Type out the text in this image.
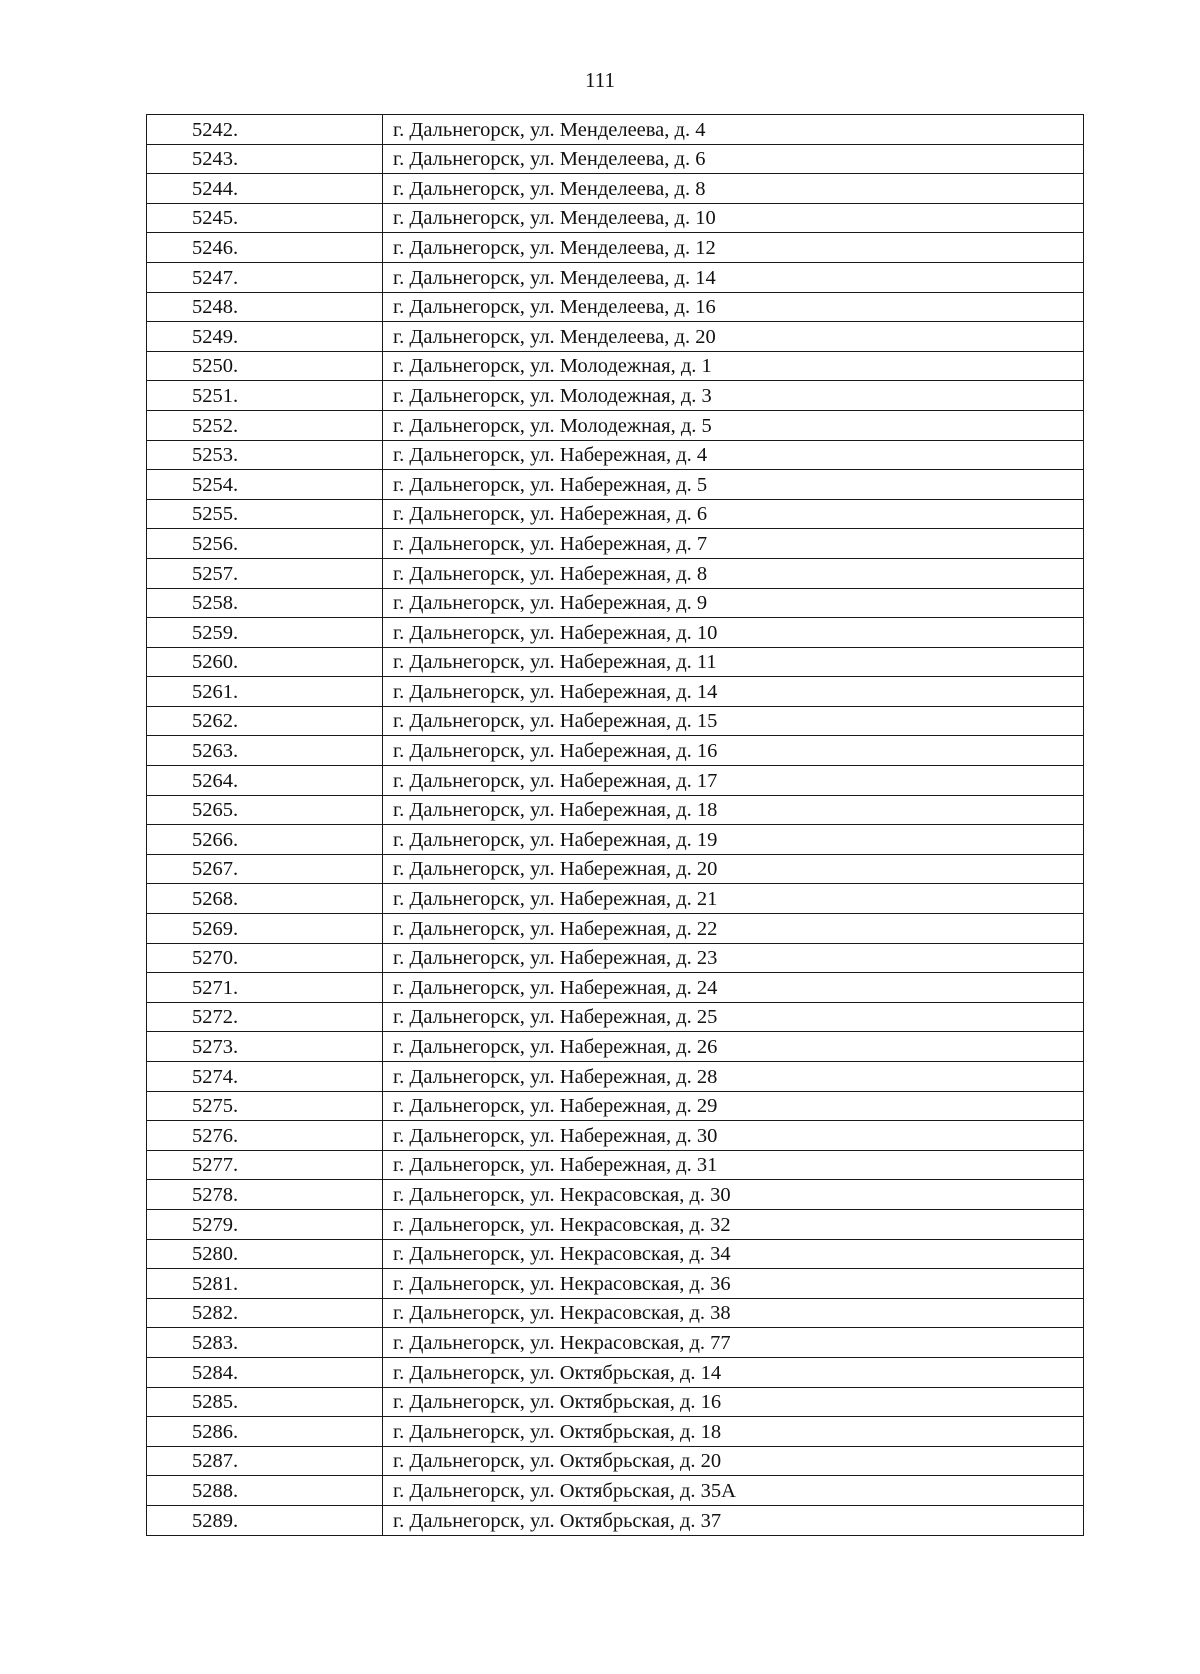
111
5242.	г. Дальнегорск, ул. Менделеева, д. 4
5243.	г. Дальнегорск, ул. Менделеева, д. 6
5244.	г. Дальнегорск, ул. Менделеева, д. 8
5245.	г. Дальнегорск, ул. Менделеева, д. 10
5246.	г. Дальнегорск, ул. Менделеева, д. 12
5247.	г. Дальнегорск, ул. Менделеева, д. 14
5248.	г. Дальнегорск, ул. Менделеева, д. 16
5249.	г. Дальнегорск, ул. Менделеева, д. 20
5250.	г. Дальнегорск, ул. Молодежная, д. 1
5251.	г. Дальнегорск, ул. Молодежная, д. 3
5252.	г. Дальнегорск, ул. Молодежная, д. 5
5253.	г. Дальнегорск, ул. Набережная, д. 4
5254.	г. Дальнегорск, ул. Набережная, д. 5
5255.	г. Дальнегорск, ул. Набережная, д. 6
5256.	г. Дальнегорск, ул. Набережная, д. 7
5257.	г. Дальнегорск, ул. Набережная, д. 8
5258.	г. Дальнегорск, ул. Набережная, д. 9
5259.	г. Дальнегорск, ул. Набережная, д. 10
5260.	г. Дальнегорск, ул. Набережная, д. 11
5261.	г. Дальнегорск, ул. Набережная, д. 14
5262.	г. Дальнегорск, ул. Набережная, д. 15
5263.	г. Дальнегорск, ул. Набережная, д. 16
5264.	г. Дальнегорск, ул. Набережная, д. 17
5265.	г. Дальнегорск, ул. Набережная, д. 18
5266.	г. Дальнегорск, ул. Набережная, д. 19
5267.	г. Дальнегорск, ул. Набережная, д. 20
5268.	г. Дальнегорск, ул. Набережная, д. 21
5269.	г. Дальнегорск, ул. Набережная, д. 22
5270.	г. Дальнегорск, ул. Набережная, д. 23
5271.	г. Дальнегорск, ул. Набережная, д. 24
5272.	г. Дальнегорск, ул. Набережная, д. 25
5273.	г. Дальнегорск, ул. Набережная, д. 26
5274.	г. Дальнегорск, ул. Набережная, д. 28
5275.	г. Дальнегорск, ул. Набережная, д. 29
5276.	г. Дальнегорск, ул. Набережная, д. 30
5277.	г. Дальнегорск, ул. Набережная, д. 31
5278.	г. Дальнегорск, ул. Некрасовская, д. 30
5279.	г. Дальнегорск, ул. Некрасовская, д. 32
5280.	г. Дальнегорск, ул. Некрасовская, д. 34
5281.	г. Дальнегорск, ул. Некрасовская, д. 36
5282.	г. Дальнегорск, ул. Некрасовская, д. 38
5283.	г. Дальнегорск, ул. Некрасовская, д. 77
5284.	г. Дальнегорск, ул. Октябрьская, д. 14
5285.	г. Дальнегорск, ул. Октябрьская, д. 16
5286.	г. Дальнегорск, ул. Октябрьская, д. 18
5287.	г. Дальнегорск, ул. Октябрьская, д. 20
5288.	г. Дальнегорск, ул. Октябрьская, д. 35А
5289.	г. Дальнегорск, ул. Октябрьская, д. 37
